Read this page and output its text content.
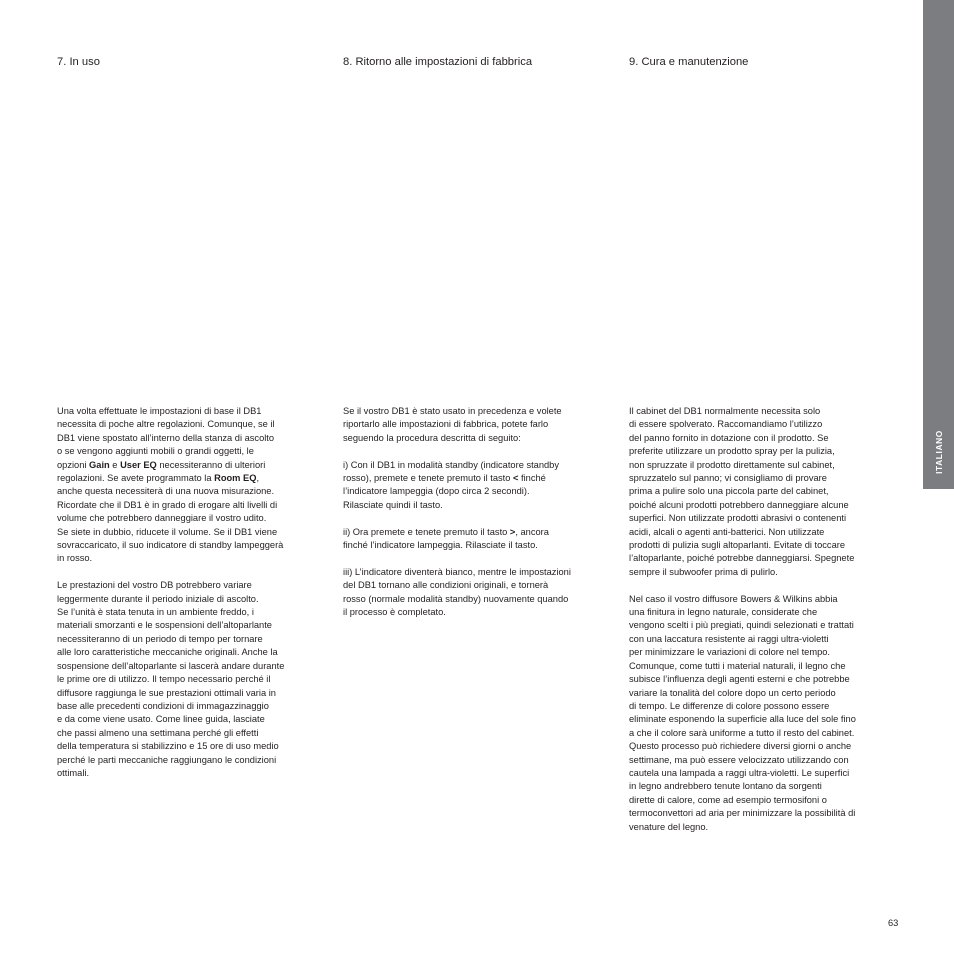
7. In uso	8. Ritorno alle impostazioni di fabbrica	9. Cura e manutenzione
Una volta effettuate le impostazioni di base il DB1
necessita di poche altre regolazioni. Comunque, se il
DB1 viene spostato all’interno della stanza di ascolto
o se vengono aggiunti mobili o grandi oggetti, le
opzioni Gain e User EQ necessiteranno di ulteriori
regolazioni. Se avete programmato la Room EQ,
anche questa necessiterà di una nuova misurazione.
Ricordate che il DB1 è in grado di erogare alti livelli di
volume che potrebbero danneggiare il vostro udito.
Se siete in dubbio, riducete il volume. Se il DB1 viene
sovraccaricato, il suo indicatore di standby lampeggerà
in rosso.
Le prestazioni del vostro DB potrebbero variare
leggermente durante il periodo iniziale di ascolto.
Se l’unità è stata tenuta in un ambiente freddo, i
materiali smorzanti e le sospensioni dell’altoparlante
necessiteranno di un periodo di tempo per tornare
alle loro caratteristiche meccaniche originali. Anche la
sospensione dell’altoparlante si lascerà andare durante
le prime ore di utilizzo. Il tempo necessario perché il
diffusore raggiunga le sue prestazioni ottimali varia in
base alle precedenti condizioni di immagazzinaggio
e da come viene usato. Come linee guida, lasciate
che passi almeno una settimana perché gli effetti
della temperatura si stabilizzino e 15 ore di uso medio
perché le parti meccaniche raggiungano le condizioni
ottimali.
Se il vostro DB1 è stato usato in precedenza e volete
riportarlo alle impostazioni di fabbrica, potete farlo
seguendo la procedura descritta di seguito:
i) Con il DB1 in modalità standby (indicatore standby
rosso), premete e tenete premuto il tasto < finché
l’indicatore lampeggia (dopo circa 2 secondi).
Rilasciate quindi il tasto.
ii) Ora premete e tenete premuto il tasto >, ancora
finché l’indicatore lampeggia. Rilasciate il tasto.
iii) L’indicatore diventerà bianco, mentre le impostazioni
del DB1 tornano alle condizioni originali, e tornerà
rosso (normale modalità standby) nuovamente quando
il processo è completato.
Il cabinet del DB1 normalmente necessita solo
di essere spolverato. Raccomandiamo l’utilizzo
del panno fornito in dotazione con il prodotto. Se
preferite utilizzare un prodotto spray per la pulizia,
non spruzzate il prodotto direttamente sul cabinet,
spruzzatelo sul panno; vi consigliamo di provare
prima a pulire solo una piccola parte del cabinet,
poiché alcuni prodotti potrebbero danneggiare alcune
superfici. Non utilizzate prodotti abrasivi o contenenti
acidi, alcali o agenti anti-batterici. Non utilizzate
prodotti di pulizia sugli altoparlanti. Evitate di toccare
l’altoparlante, poiché potrebbe danneggiarsi. Spegnete
sempre il subwoofer prima di pulirlo.
Nel caso il vostro diffusore Bowers & Wilkins abbia
una finitura in legno naturale, considerate che
vengono scelti i più pregiati, quindi selezionati e trattati
con una laccatura resistente ai raggi ultra-violetti
per minimizzare le variazioni di colore nel tempo.
Comunque, come tutti i material naturali, il legno che
subisce l’influenza degli agenti esterni e che potrebbe
variare la tonalità del colore dopo un certo periodo
di tempo. Le differenze di colore possono essere
eliminate esponendo la superficie alla luce del sole fino
a che il colore sarà uniforme a tutto il resto del cabinet.
Questo processo può richiedere diversi giorni o anche
settimane, ma può essere velocizzato utilizzando con
cautela una lampada a raggi ultra-violetti. Le superfici
in legno andrebbero tenute lontano da sorgenti
dirette di calore, come ad esempio termosifoni o
termoconvettori ad aria per minimizzare la possibilità di
venature del legno.
ITALIANO
63
